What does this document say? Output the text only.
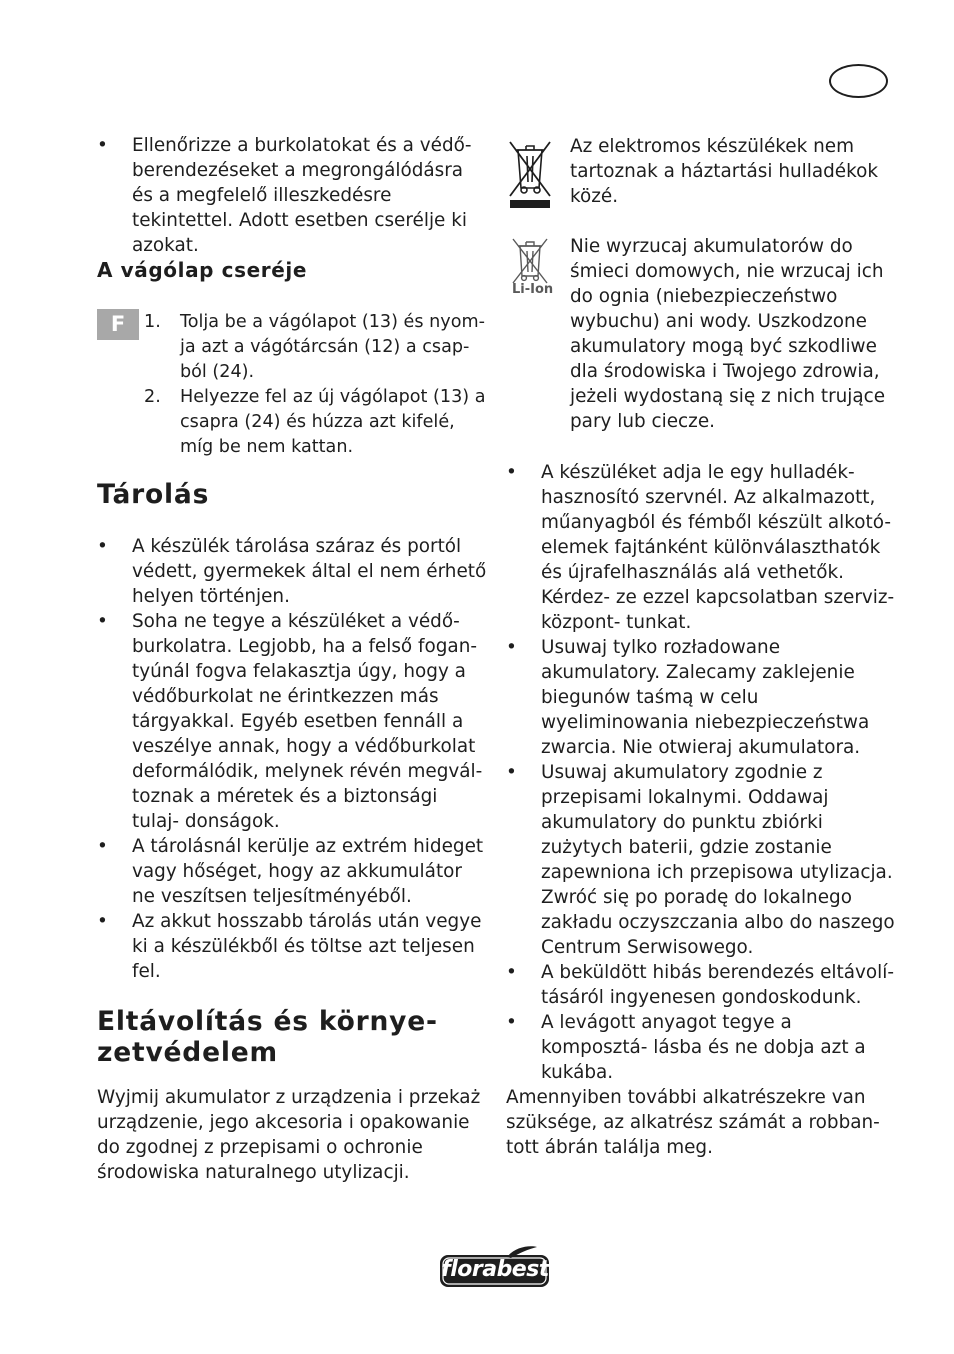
• Ellenőrizze a burkolatokat és a védő- berendezéseket a megrongálódásra és a megfelelő illeszkedésre tekintettel. Adott esetben cserélje ki azokat.
A vágólap cseréje
1. Tolja be a vágólapot (13) és nyom- ja azt a vágótárcsán (12) a csap- ból (24).
2. Helyezze fel az új vágólapot (13) a csapra (24) és húzza azt kifelé, míg be nem kattan.
Tárolás
• A készülék tárolása száraz és portól védett, gyermekek által el nem érhető helyen történjen.
• Soha ne tegye a készüléket a védő- burkolatra. Legjobb, ha a felső fogan- tyúnál fogva felakasztja úgy, hogy a védőburkolat ne érintkezzen más tárgyakkal. Egyéb esetben fennáll a veszélye annak, hogy a védőburkolat deformálódik, melynek révén megvál- toznak a méretek és a biztonsági tulaj- donságok.
• A tárolásnál kerülje az extrém hideget vagy hőséget, hogy az akkumulátor ne veszítsen teljesítményéből.
• Az akkut hosszabb tárolás után vegye ki a készülékből és töltse azt teljesen fel.
Eltávolítás és környe-
zetvédelem

Wyjmij akumulator z urządzenia i przekaż urządzenie, jego akcesoria i opakowanie do zgodnej z przepisami o ochronie środowiska naturalnego utylizacji.

F
Az elektromos készülékek nem tartoznak a háztartási hulladékok közé.
Li-Ion
Nie wyrzucaj akumulatorów do śmieci domowych, nie wrzucaj ich do ognia (niebezpieczeństwo wybuchu) ani wody. Uszkodzone akumulatory mogą być szkodliwe dla środowiska i Twojego zdrowia, jeżeli wydostaną się z nich trujące pary lub ciecze.
• A készüléket adja le egy hulladék- hasznosító szervnél. Az alkalmazott, műanyagból és fémből készült alkotó- elemek fajtánként különválaszthatók és újrafelhasználás alá vethetők. Kérdez- ze ezzel kapcsolatban szerviz-központ- tunkat.
• Usuwaj tylko rozładowane akumulatory. Zalecamy zaklejenie biegunów taśmą w celu wyeliminowania niebezpieczeństwa zwarcia. Nie otwieraj akumulatora.
• Usuwaj akumulatory zgodnie z przepisami lokalnymi. Oddawaj akumulatory do punktu zbiórki zużytych baterii, gdzie zostanie zapewniona ich przepisowa utylizacja. Zwróć się po poradę do lokalnego zakładu oczyszczania albo do naszego Centrum Serwisowego.
• A beküldött hibás berendezés eltávolí- tásáról ingyenesen gondoskodunk.
• A levágott anyagot tegye a komposztá- lásba és ne dobja azt a kukába.

Amennyiben további alkatrészekre van szüksége, az alkatrész számát a robban- tott ábrán találja meg.

florabest
